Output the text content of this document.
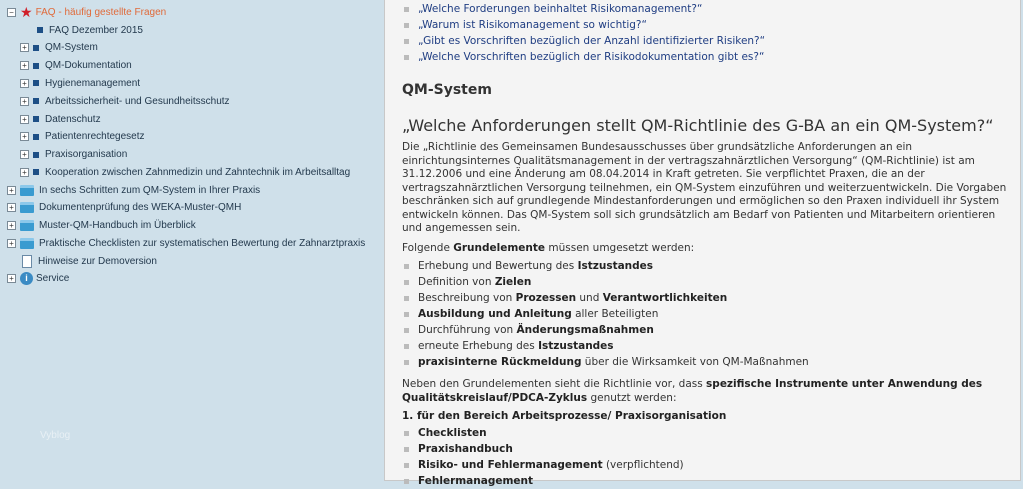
− ★ FAQ - häufig gestellte Fragen
FAQ Dezember 2015
+ QM-System
+ QM-Dokumentation
+ Hygienemanagement
+ Arbeitssicherheit- und Gesundheitsschutz
+ Datenschutz
+ Patientenrechtegesetz
+ Praxisorganisation
+ Kooperation zwischen Zahnmedizin und Zahntechnik im Arbeitsalltag
+	In sechs Schritten zum QM-System in Ihrer Praxis
+	Dokumentenprüfung des WEKA-Muster-QMH
+	Muster-QM-Handbuch im Überblick
+	Praktische Checklisten zur systematischen Bewertung der Zahnarztpraxis
Hinweise zur Demoversion
+	i Service
Vyblog
„Welche Forderungen beinhaltet Risikomanagement?“
„Warum ist Risikomanagement so wichtig?“
„Gibt es Vorschriften bezüglich der Anzahl identifizierter Risiken?“
„Welche Vorschriften bezüglich der Risikodokumentation gibt es?“
QM-System
„Welche Anforderungen stellt QM-Richtlinie des G-BA an ein QM-System?“

Die „Richtlinie des Gemeinsamen Bundesausschusses über grundsätzliche Anforderungen an ein einrichtungsinternes Qualitätsmanagement in der vertragszahnärztlichen Versorgung“ (QM-Richtlinie) ist am 31.12.2006 und eine Änderung am 08.04.2014 in Kraft getreten. Sie verpflichtet Praxen, die an der vertragszahnärztlichen Versorgung teilnehmen, ein QM-System einzuführen und weiterzuentwickeln. Die Vorgaben beschränken sich auf grundlegende Mindestanforderungen und ermöglichen so den Praxen individuell ihr System entwickeln können. Das QM-System soll sich grundsätzlich am Bedarf von Patienten und Mitarbeitern orientieren und angemessen sein.

Folgende Grundelemente müssen umgesetzt werden:

Erhebung und Bewertung des Istzustandes
Definition von Zielen
Beschreibung von Prozessen und Verantwortlichkeiten
Ausbildung und Anleitung aller Beteiligten
Durchführung von Änderungsmaßnahmen
erneute Erhebung des Istzustandes
praxisinterne Rückmeldung über die Wirksamkeit von QM-Maßnahmen

Neben den Grundelementen sieht die Richtlinie vor, dass spezifische Instrumente unter Anwendung des Qualitätskreislauf/PDCA-Zyklus genutzt werden:

1. für den Bereich Arbeitsprozesse/ Praxisorganisation

Checklisten
Praxishandbuch
Risiko- und Fehlermanagement (verpflichtend)
Fehlermanagement
